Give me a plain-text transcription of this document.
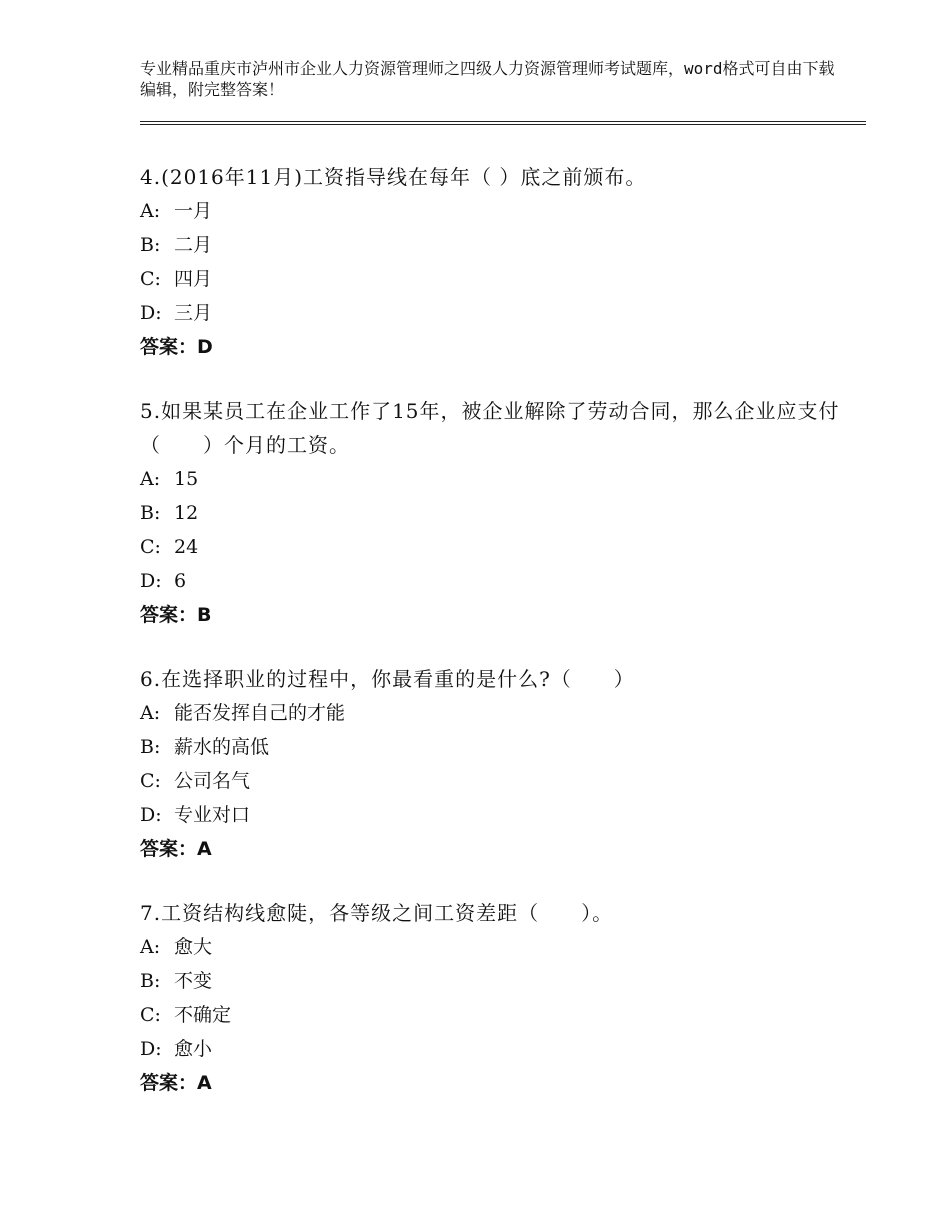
专业精品重庆市泸州市企业人力资源管理师之四级人力资源管理师考试题库，word格式可自由下载编辑，附完整答案！
4.(2016年11月)工资指导线在每年（ ）底之前颁布。
A: 一月
B: 二月
C: 四月
D: 三月
答案：D
5.如果某员工在企业工作了15年，被企业解除了劳动合同，那么企业应支付（　　）个月的工资。
A: 15
B: 12
C: 24
D: 6
答案：B
6.在选择职业的过程中，你最看重的是什么?（　　）
A: 能否发挥自己的才能
B: 薪水的高低
C: 公司名气
D: 专业对口
答案：A
7.工资结构线愈陡，各等级之间工资差距（　　）。
A: 愈大
B: 不变
C: 不确定
D: 愈小
答案：A
